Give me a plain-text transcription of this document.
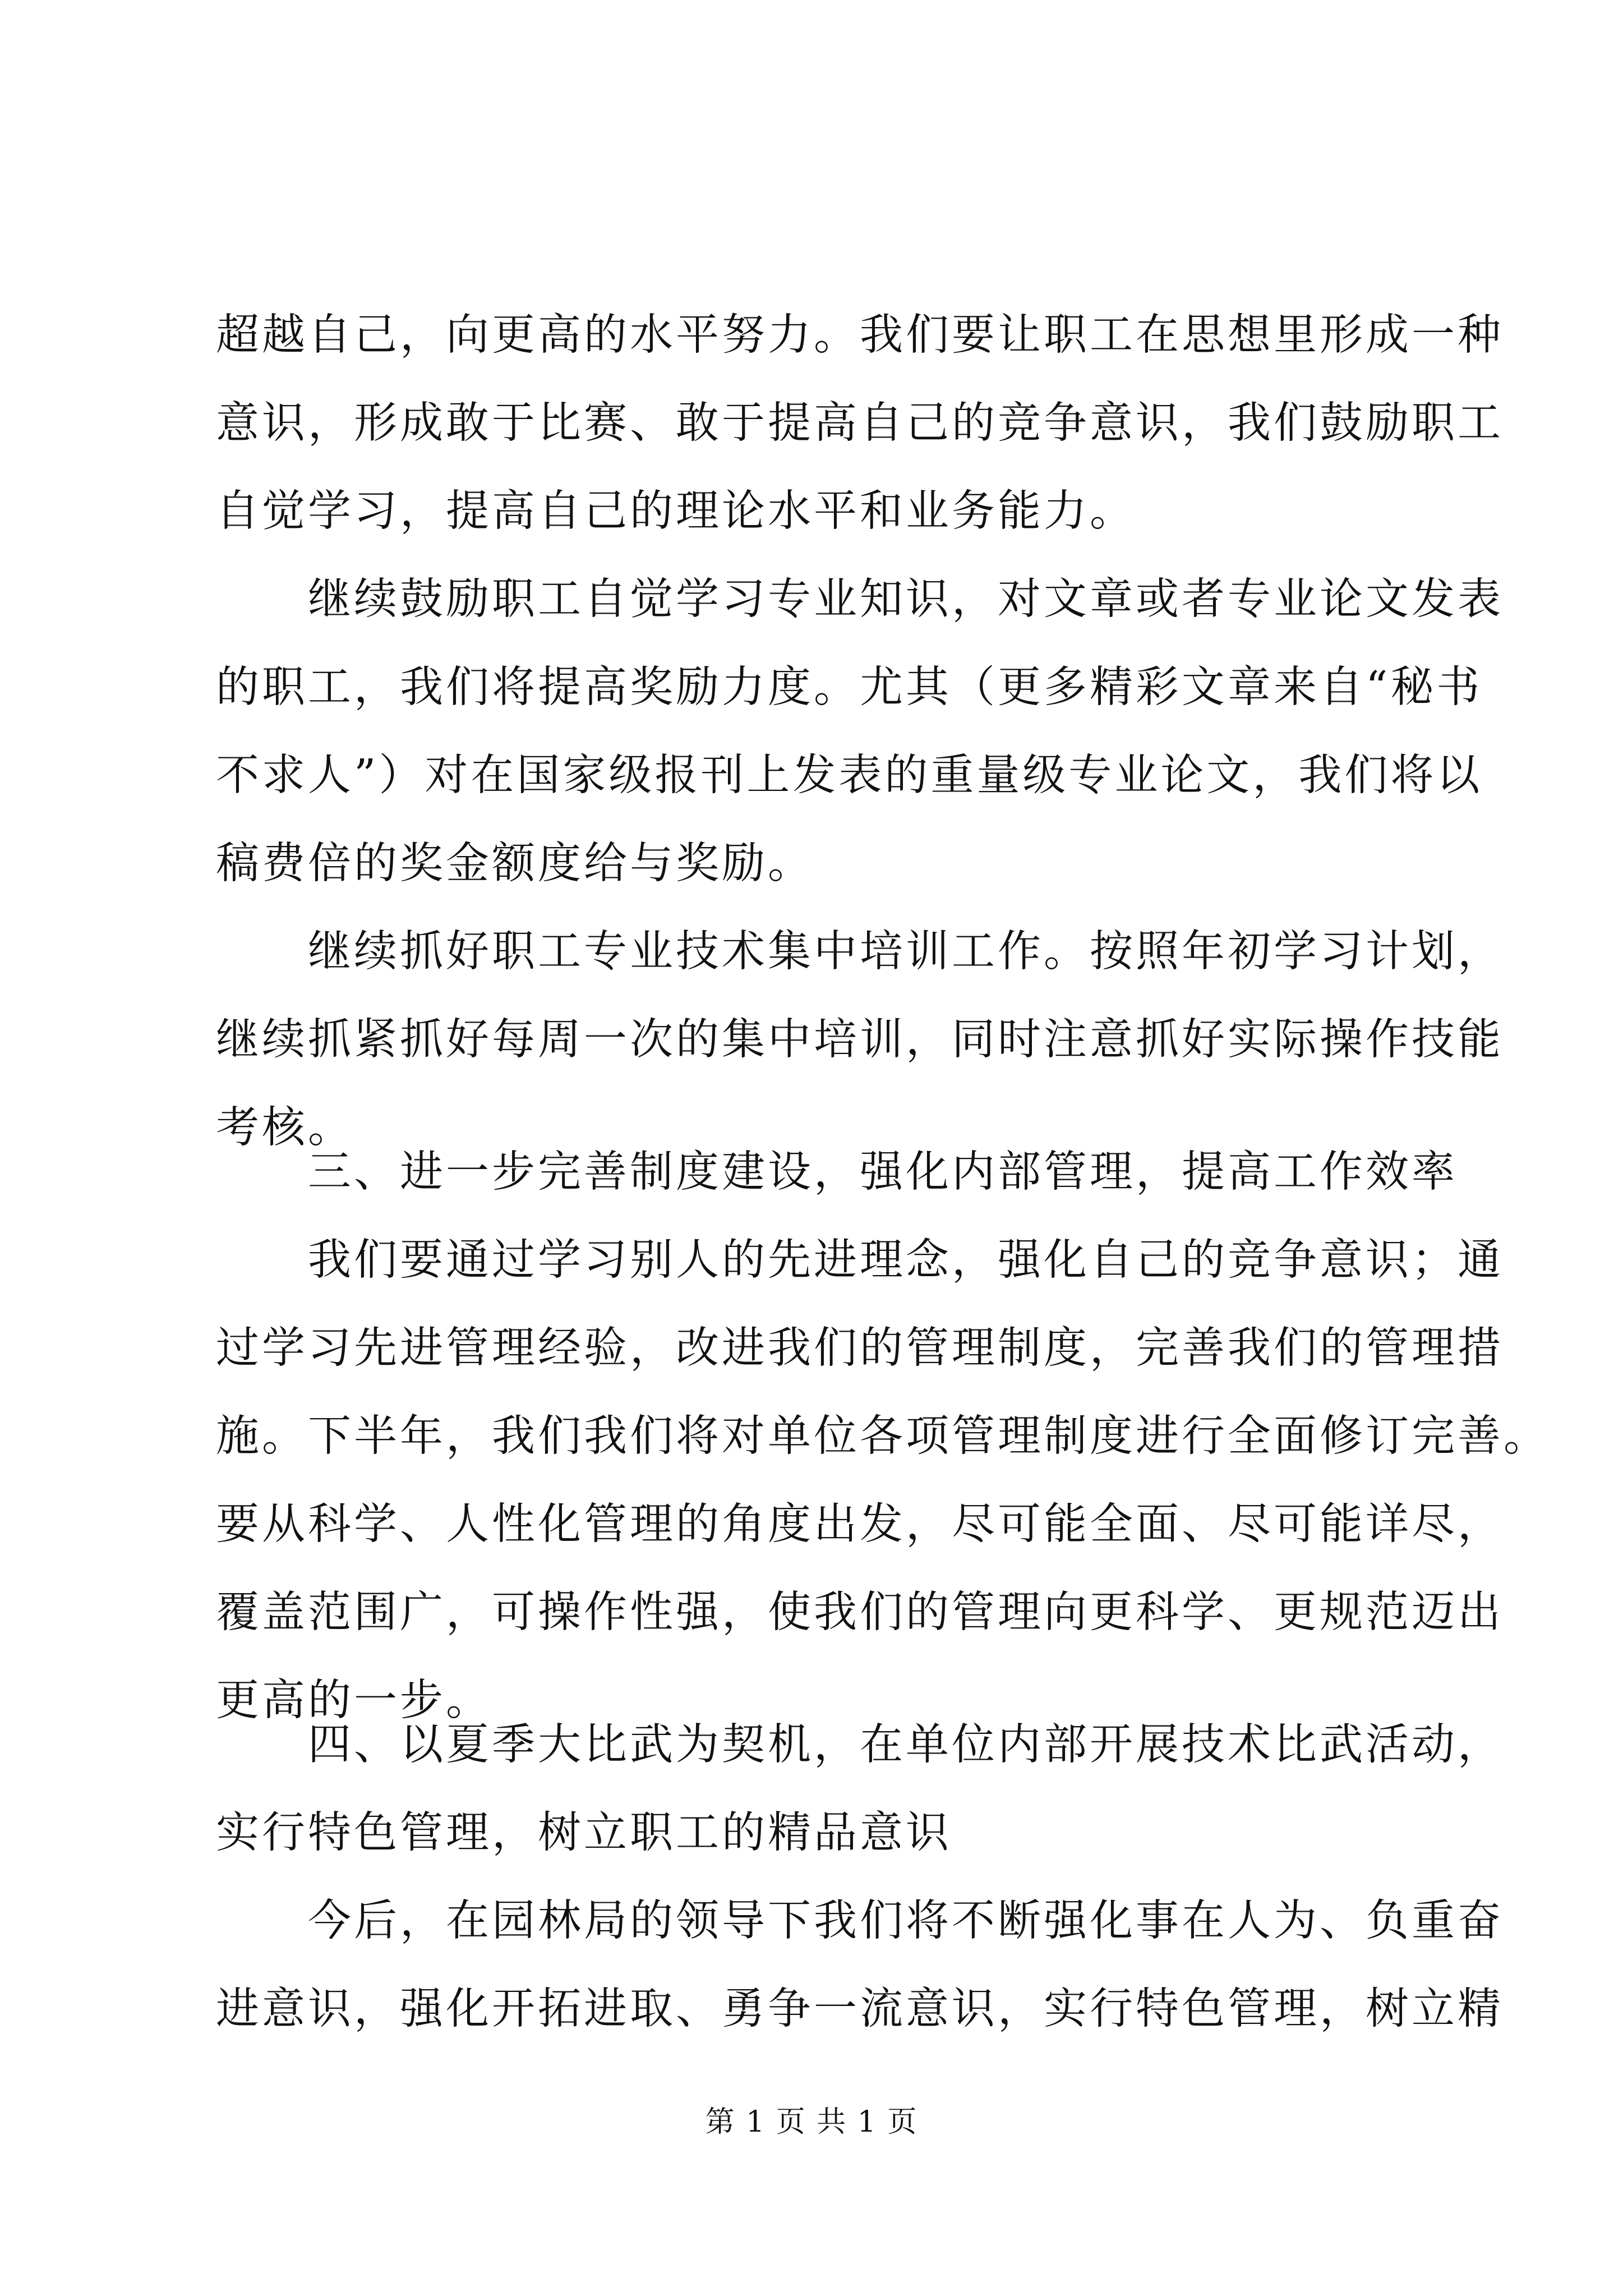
超越自己，向更高的水平努力。我们要让职工在思想里形成一种
意识，形成敢于比赛、敢于提高自己的竞争意识，我们鼓励职工
自觉学习，提高自己的理论水平和业务能力。
　　继续鼓励职工自觉学习专业知识，对文章或者专业论文发表
的职工，我们将提高奖励力度。尤其（更多精彩文章来自“秘书
不求人”）对在国家级报刊上发表的重量级专业论文，我们将以
稿费倍的奖金额度给与奖励。
　　继续抓好职工专业技术集中培训工作。按照年初学习计划，
继续抓紧抓好每周一次的集中培训，同时注意抓好实际操作技能
考核。
　　三、进一步完善制度建设，强化内部管理，提高工作效率
　　我们要通过学习别人的先进理念，强化自己的竞争意识；通
过学习先进管理经验，改进我们的管理制度，完善我们的管理措
施。下半年，我们我们将对单位各项管理制度进行全面修订完善。
要从科学、人性化管理的角度出发，尽可能全面、尽可能详尽，
覆盖范围广，可操作性强，使我们的管理向更科学、更规范迈出
更高的一步。
　　四、以夏季大比武为契机，在单位内部开展技术比武活动，
实行特色管理，树立职工的精品意识
　　今后，在园林局的领导下我们将不断强化事在人为、负重奋
进意识，强化开拓进取、勇争一流意识，实行特色管理，树立精
第 1 页 共 1 页
